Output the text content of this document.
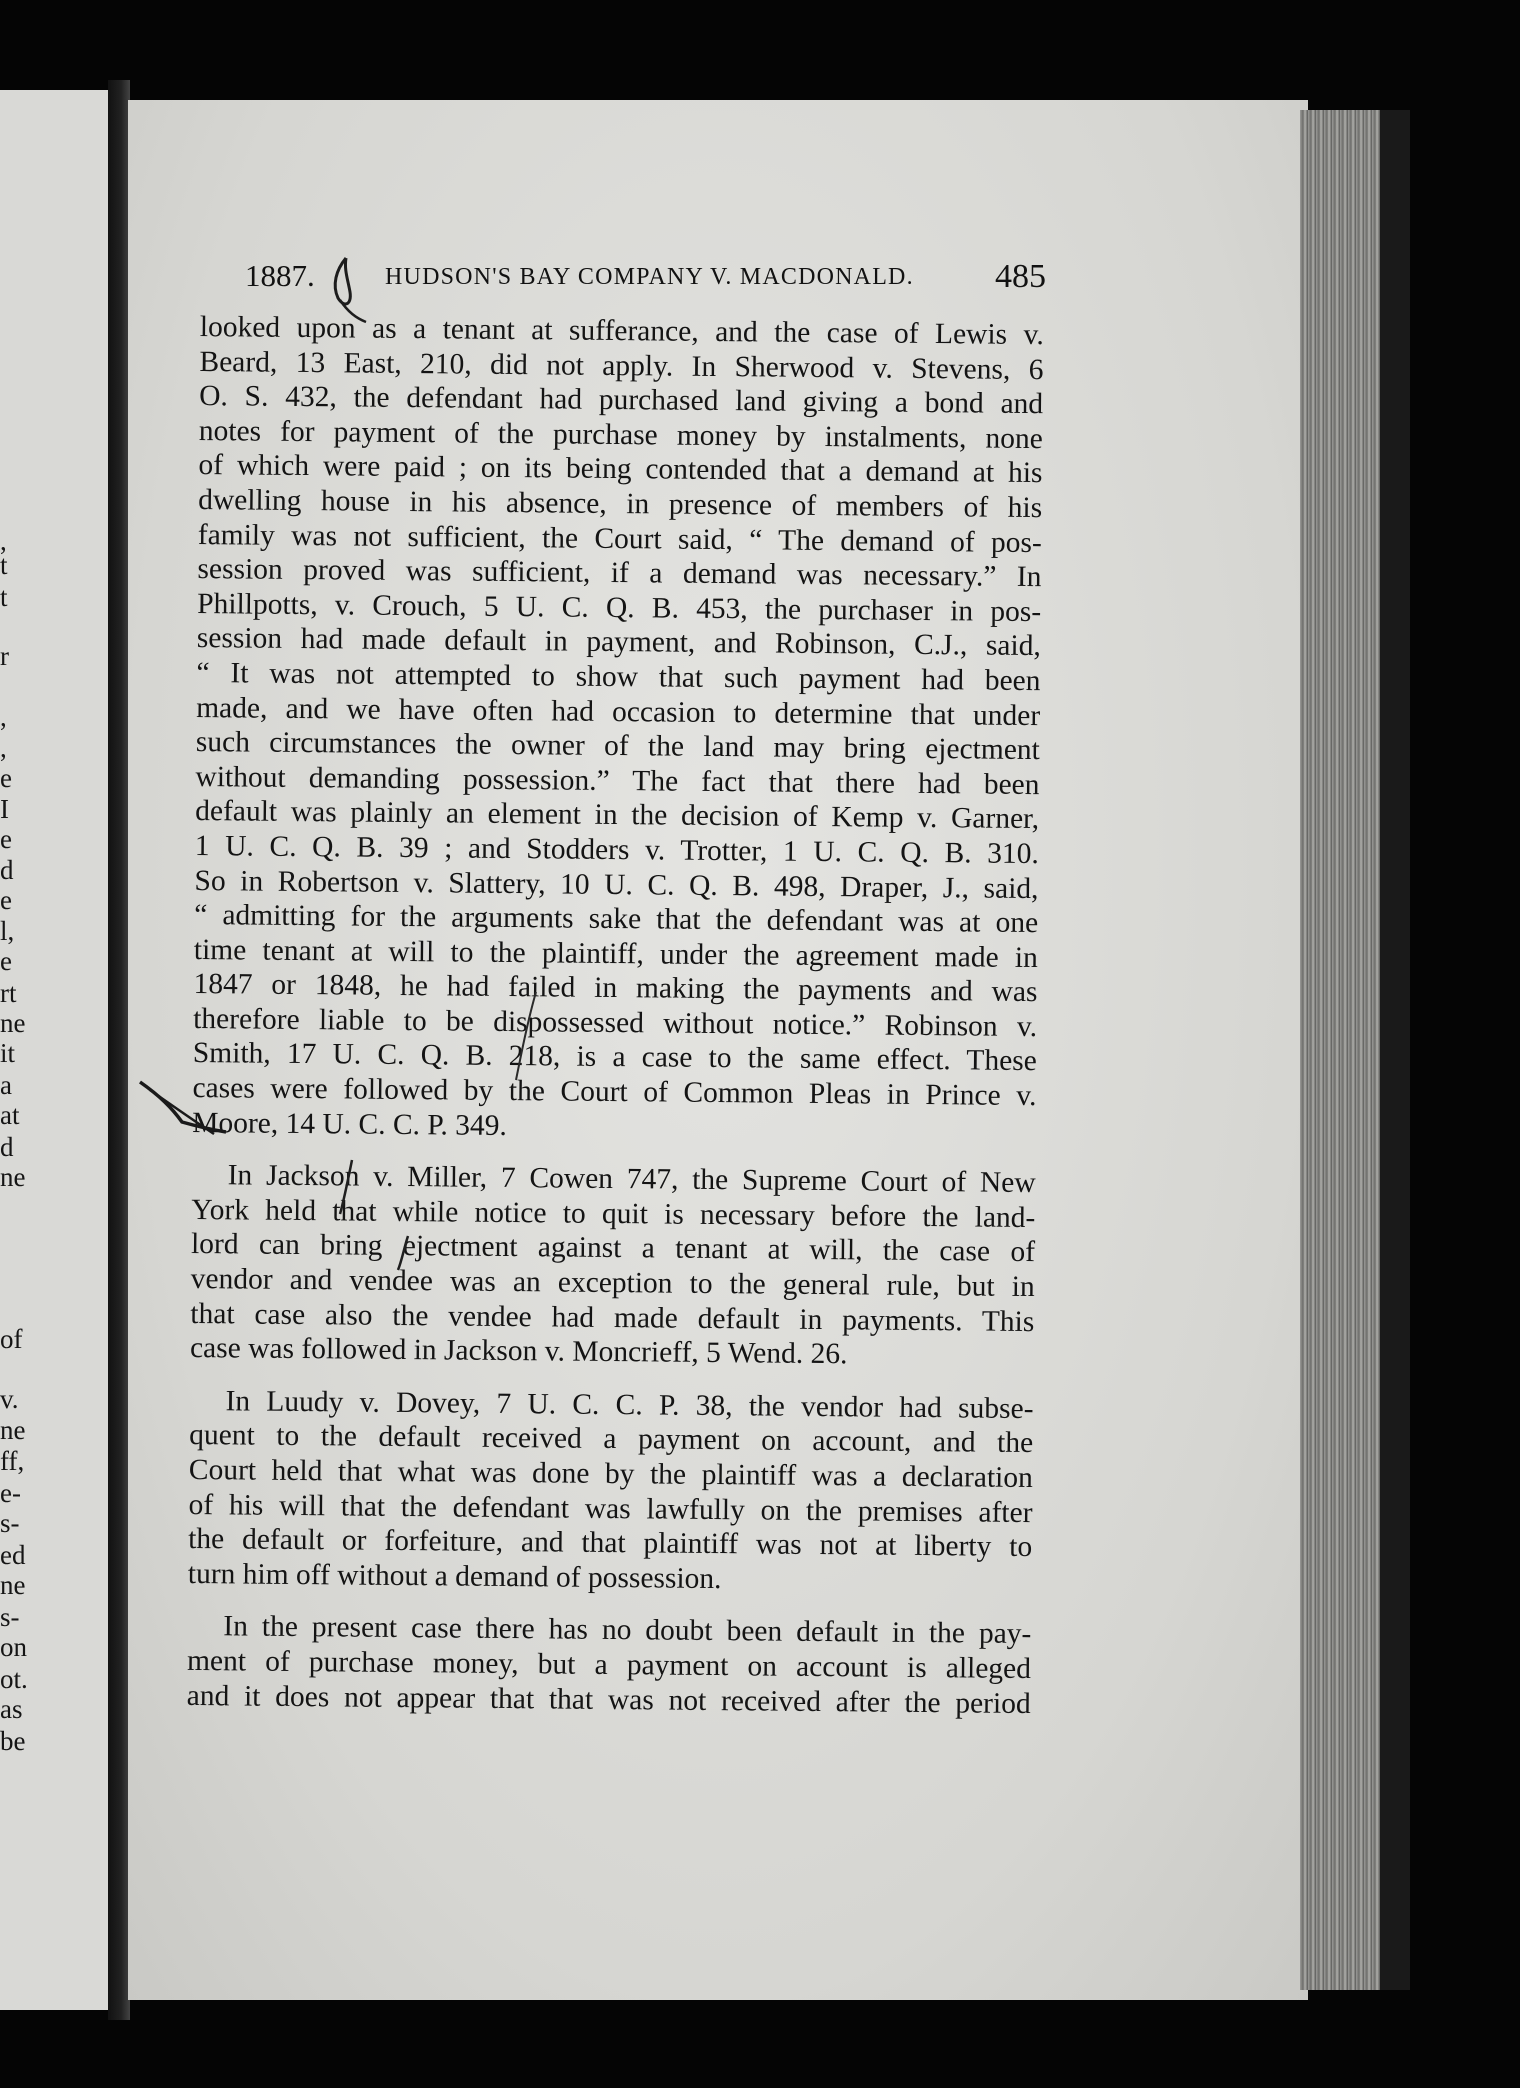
,
t
t
r
,
,
e
I
e
d
e
l,
e
rt
ne
it
a
at
d
ne
of
v.
ne
ff,
e-
s-
ed
ne
s-
on
ot.
as
be
1887.	HUDSON'S BAY COMPANY V. MACDONALD. 485
looked upon as a tenant at sufferance, and the case of Lewis v.
Beard, 13 East, 210, did not apply. In Sherwood v. Stevens, 6
O. S. 432, the defendant had purchased land giving a bond and
notes for payment of the purchase money by instalments, none
of which were paid ; on its being contended that a demand at his
dwelling house in his absence, in presence of members of his
family was not sufficient, the Court said, “ The demand of pos-
session proved was sufficient, if a demand was necessary.” In
Phillpotts, v. Crouch, 5 U. C. Q. B. 453, the purchaser in pos-
session had made default in payment, and Robinson, C.J., said,
“ It was not attempted to show that such payment had been
made, and we have often had occasion to determine that under
such circumstances the owner of the land may bring ejectment
without demanding possession.” The fact that there had been
default was plainly an element in the decision of Kemp v. Garner,
1 U. C. Q. B. 39 ; and Stodders v. Trotter, 1 U. C. Q. B. 310.
So in Robertson v. Slattery, 10 U. C. Q. B. 498, Draper, J., said,
“ admitting for the arguments sake that the defendant was at one
time tenant at will to the plaintiff, under the agreement made in
1847 or 1848, he had failed in making the payments and was
therefore liable to be dispossessed without notice.” Robinson v.
Smith, 17 U. C. Q. B. 218, is a case to the same effect. These
cases were followed by the Court of Common Pleas in Prince v.
Moore, 14 U. C. C. P. 349.
In Jackson v. Miller, 7 Cowen 747, the Supreme Court of New
York held that while notice to quit is necessary before the land-
lord can bring ejectment against a tenant at will, the case of
vendor and vendee was an exception to the general rule, but in
that case also the vendee had made default in payments. This
case was followed in Jackson v. Moncrieff, 5 Wend. 26.
In Luudy v. Dovey, 7 U. C. C. P. 38, the vendor had subse-
quent to the default received a payment on account, and the
Court held that what was done by the plaintiff was a declaration
of his will that the defendant was lawfully on the premises after
the default or forfeiture, and that plaintiff was not at liberty to
turn him off without a demand of possession.
In the present case there has no doubt been default in the pay-
ment of purchase money, but a payment on account is alleged
and it does not appear that that was not received after the period
